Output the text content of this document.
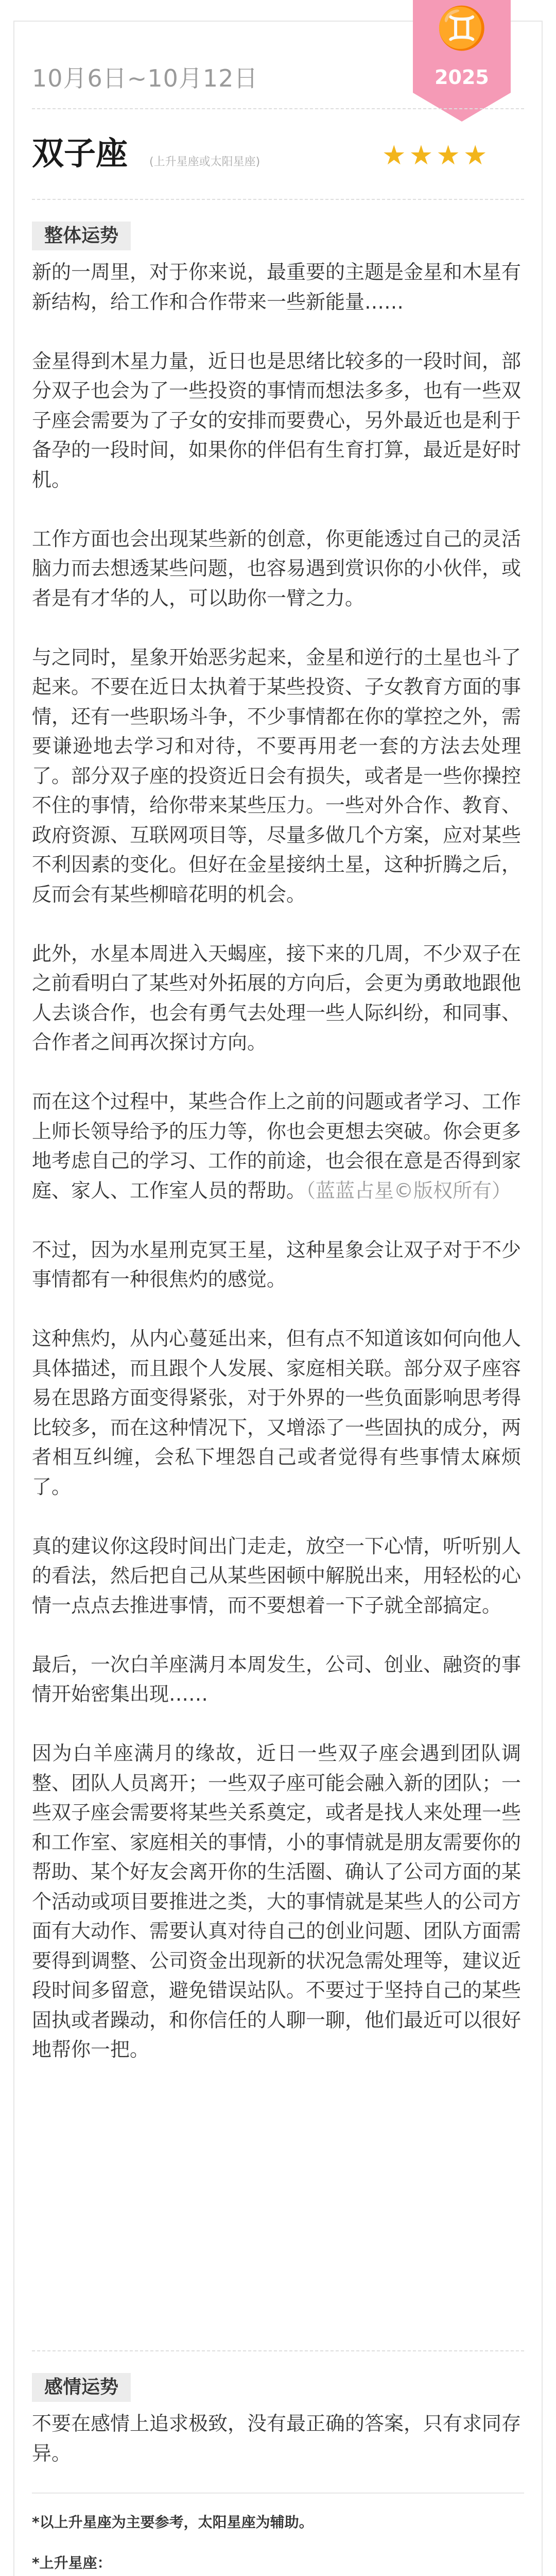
♊
2025
10月6日~10月12日
双子座 (上升星座或太阳星座)	★★★★
整体运势

新的一周里，对于你来说，最重要的主题是金星和木星有新结构，给工作和合作带来一些新能量……

金星得到木星力量，近日也是思绪比较多的一段时间，部分双子也会为了一些投资的事情而想法多多，也有一些双子座会需要为了子女的安排而要费心，另外最近也是利于备孕的一段时间，如果你的伴侣有生育打算，最近是好时机。

工作方面也会出现某些新的创意，你更能透过自己的灵活脑力而去想透某些问题，也容易遇到赏识你的小伙伴，或者是有才华的人，可以助你一臂之力。

与之同时，星象开始恶劣起来，金星和逆行的土星也斗了起来。不要在近日太执着于某些投资、子女教育方面的事情，还有一些职场斗争，不少事情都在你的掌控之外，需要谦逊地去学习和对待，不要再用老一套的方法去处理了。部分双子座的投资近日会有损失，或者是一些你操控不住的事情，给你带来某些压力。一些对外合作、教育、政府资源、互联网项目等，尽量多做几个方案，应对某些不利因素的变化。但好在金星接纳土星，这种折腾之后，反而会有某些柳暗花明的机会。

此外，水星本周进入天蝎座，接下来的几周，不少双子在之前看明白了某些对外拓展的方向后，会更为勇敢地跟他人去谈合作，也会有勇气去处理一些人际纠纷，和同事、合作者之间再次探讨方向。

而在这个过程中，某些合作上之前的问题或者学习、工作上师长领导给予的压力等，你也会更想去突破。你会更多地考虑自己的学习、工作的前途，也会很在意是否得到家庭、家人、工作室人员的帮助。（蓝蓝占星©版权所有）

不过，因为水星刑克冥王星，这种星象会让双子对于不少事情都有一种很焦灼的感觉。

这种焦灼，从内心蔓延出来，但有点不知道该如何向他人具体描述，而且跟个人发展、家庭相关联。部分双子座容易在思路方面变得紧张，对于外界的一些负面影响思考得比较多，而在这种情况下，又增添了一些固执的成分，两者相互纠缠，会私下埋怨自己或者觉得有些事情太麻烦了。

真的建议你这段时间出门走走，放空一下心情，听听别人的看法，然后把自己从某些困顿中解脱出来，用轻松的心情一点点去推进事情，而不要想着一下子就全部搞定。

最后，一次白羊座满月本周发生，公司、创业、融资的事情开始密集出现……

因为白羊座满月的缘故，近日一些双子座会遇到团队调整、团队人员离开；一些双子座可能会融入新的团队；一些双子座会需要将某些关系奠定，或者是找人来处理一些和工作室、家庭相关的事情，小的事情就是朋友需要你的帮助、某个好友会离开你的生活圈、确认了公司方面的某个活动或项目要推进之类，大的事情就是某些人的公司方面有大动作、需要认真对待自己的创业问题、团队方面需要得到调整、公司资金出现新的状况急需处理等，建议近段时间多留意，避免错误站队。不要过于坚持自己的某些固执或者躁动，和你信任的人聊一聊，他们最近可以很好地帮你一把。

感情运势

不要在感情上追求极致，没有最正确的答案，只有求同存异。

*以上升星座为主要参考，太阳星座为辅助。
*上升星座：
